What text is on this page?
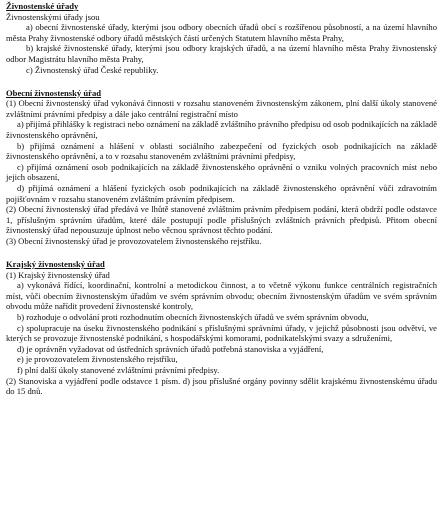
Živnostenské úřady

Živnostenskými úřady jsou

a) obecní živnostenské úřady, kterými jsou odbory obecních úřadů obcí s rozšířenou působností, a na území hlavního města Prahy živnostenské odbory úřadů městských částí určených Statutem hlavního města Prahy,

b) krajské živnostenské úřady, kterými jsou odbory krajských úřadů, a na území hlavního města Prahy živnostenský odbor Magistrátu hlavního města Prahy,

c) Živnostenský úřad České republiky.

Obecní živnostenský úřad

(1) Obecní živnostenský úřad vykonává činnosti v rozsahu stanoveném živnostenským zákonem, plní další úkoly stanovené zvláštními právními předpisy a dále jako centrální registrační místo

a) přijímá přihlášky k registraci nebo oznámení na základě zvláštního právního předpisu od osob podnikajících na základě živnostenského oprávnění,

b) přijímá oznámení a hlášení v oblasti sociálního zabezpečení od fyzických osob podnikajících na základě živnostenského oprávnění, a to v rozsahu stanoveném zvláštními právními předpisy,

c) přijímá oznámení osob podnikajících na základě živnostenského oprávnění o vzniku volných pracovních míst nebo jejich obsazení,

d) přijímá oznámení a hlášení fyzických osob podnikajících na základě živnostenského oprávnění vůči zdravotním pojišťovnám v rozsahu stanoveném zvláštním právním předpisem.

(2) Obecní živnostenský úřad předává ve lhůtě stanovené zvláštním právním předpisem podání, která obdrží podle odstavce 1, příslušným správním úřadům, které dále postupují podle příslušných zvláštních právních předpisů. Přitom obecní živnostenský úřad nepousuzuje úplnost nebo věcnou správnost těchto podání.

(3) Obecní živnostenský úřad je provozovatelem živnostenského rejstříku.

Krajský živnostenský úřad

(1) Krajský živnostenský úřad

a) vykonává řídící, koordinační, kontrolní a metodickou činnost, a to včetně výkonu funkce centrálních registračních míst, vůči obecním živnostenským úřadům ve svém správním obvodu; obecním živnostenským úřadům ve svém správním obvodu může nařídit provedení živnostenské kontroly,

b) rozhoduje o odvolání proti rozhodnutím obecních živnostenských úřadů ve svém správním obvodu,

c) spolupracuje na úseku živnostenského podnikání s příslušnými správními úřady, v jejichž působnosti jsou odvětví, ve kterých se provozuje živnostenské podnikání, s hospodářskými komorami, podnikatelskými svazy a sdruženími,

d) je oprávněn vyžadovat od ústředních správních úřadů potřebná stanoviska a vyjádření,

e) je provozovatelem živnostenského rejstříku,

f) plní další úkoly stanovené zvláštními právními předpisy.

(2) Stanoviska a vyjádření podle odstavce 1 písm. d) jsou příslušné orgány povinny sdělit krajskému živnostenskému úřadu do 15 dnů.
